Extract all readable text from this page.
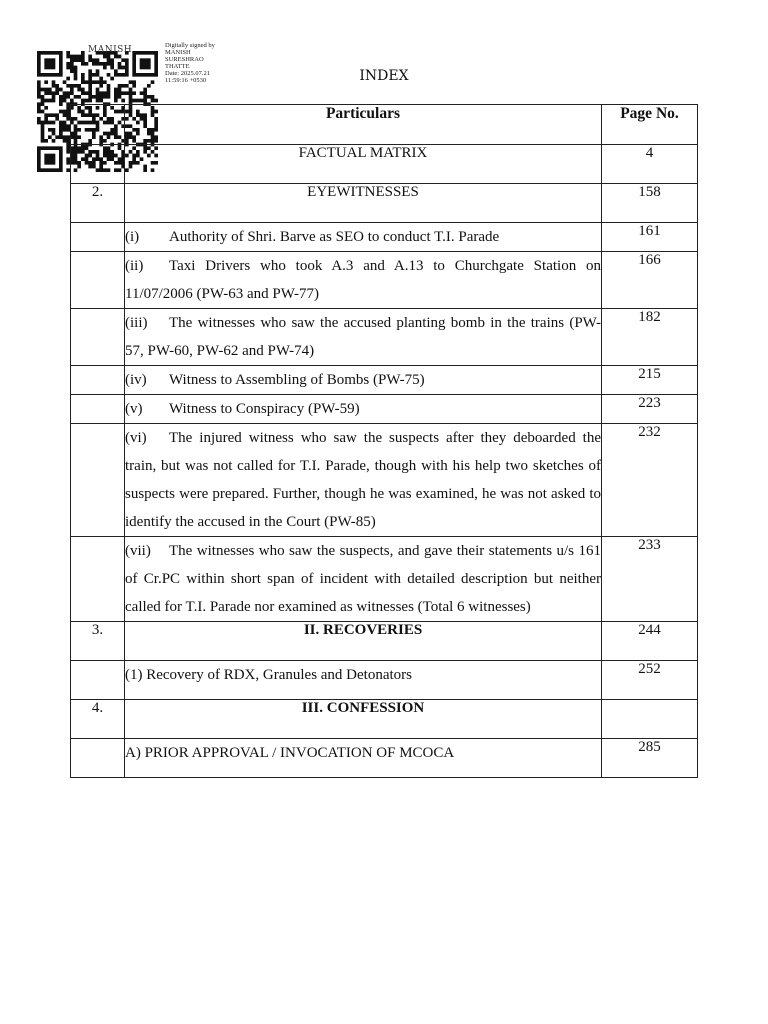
MANISH	Digitally signed by
MANISH
SURESHRAO
THATTE
Date: 2025.07.21
11:59:16 +0530	INDEX
	Particulars	Page No.
	FACTUAL MATRIX	4
2.	EYEWITNESSES	158
	(i) Authority of Shri. Barve as SEO to conduct T.I. Parade	161
	(ii) Taxi Drivers who took A.3 and A.13 to Churchgate Station on 11/07/2006 (PW-63 and PW-77)	166
	(iii) The witnesses who saw the accused planting bomb in the trains (PW-57, PW-60, PW-62 and PW-74)	182
	(iv) Witness to Assembling of Bombs (PW-75)	215
	(v) Witness to Conspiracy (PW-59)	223
	(vi) The injured witness who saw the suspects after they deboarded the train, but was not called for T.I. Parade, though with his help two sketches of suspects were prepared. Further, though he was examined, he was not asked to identify the accused in the Court (PW-85)	232
	(vii) The witnesses who saw the suspects, and gave their statements u/s 161 of Cr.PC within short span of incident with detailed description but neither called for T.I. Parade nor examined as witnesses (Total 6 witnesses)	233
3.	II. RECOVERIES	244
	(1) Recovery of RDX, Granules and Detonators	252
4.	III. CONFESSION	
	A) PRIOR APPROVAL / INVOCATION OF MCOCA	285
